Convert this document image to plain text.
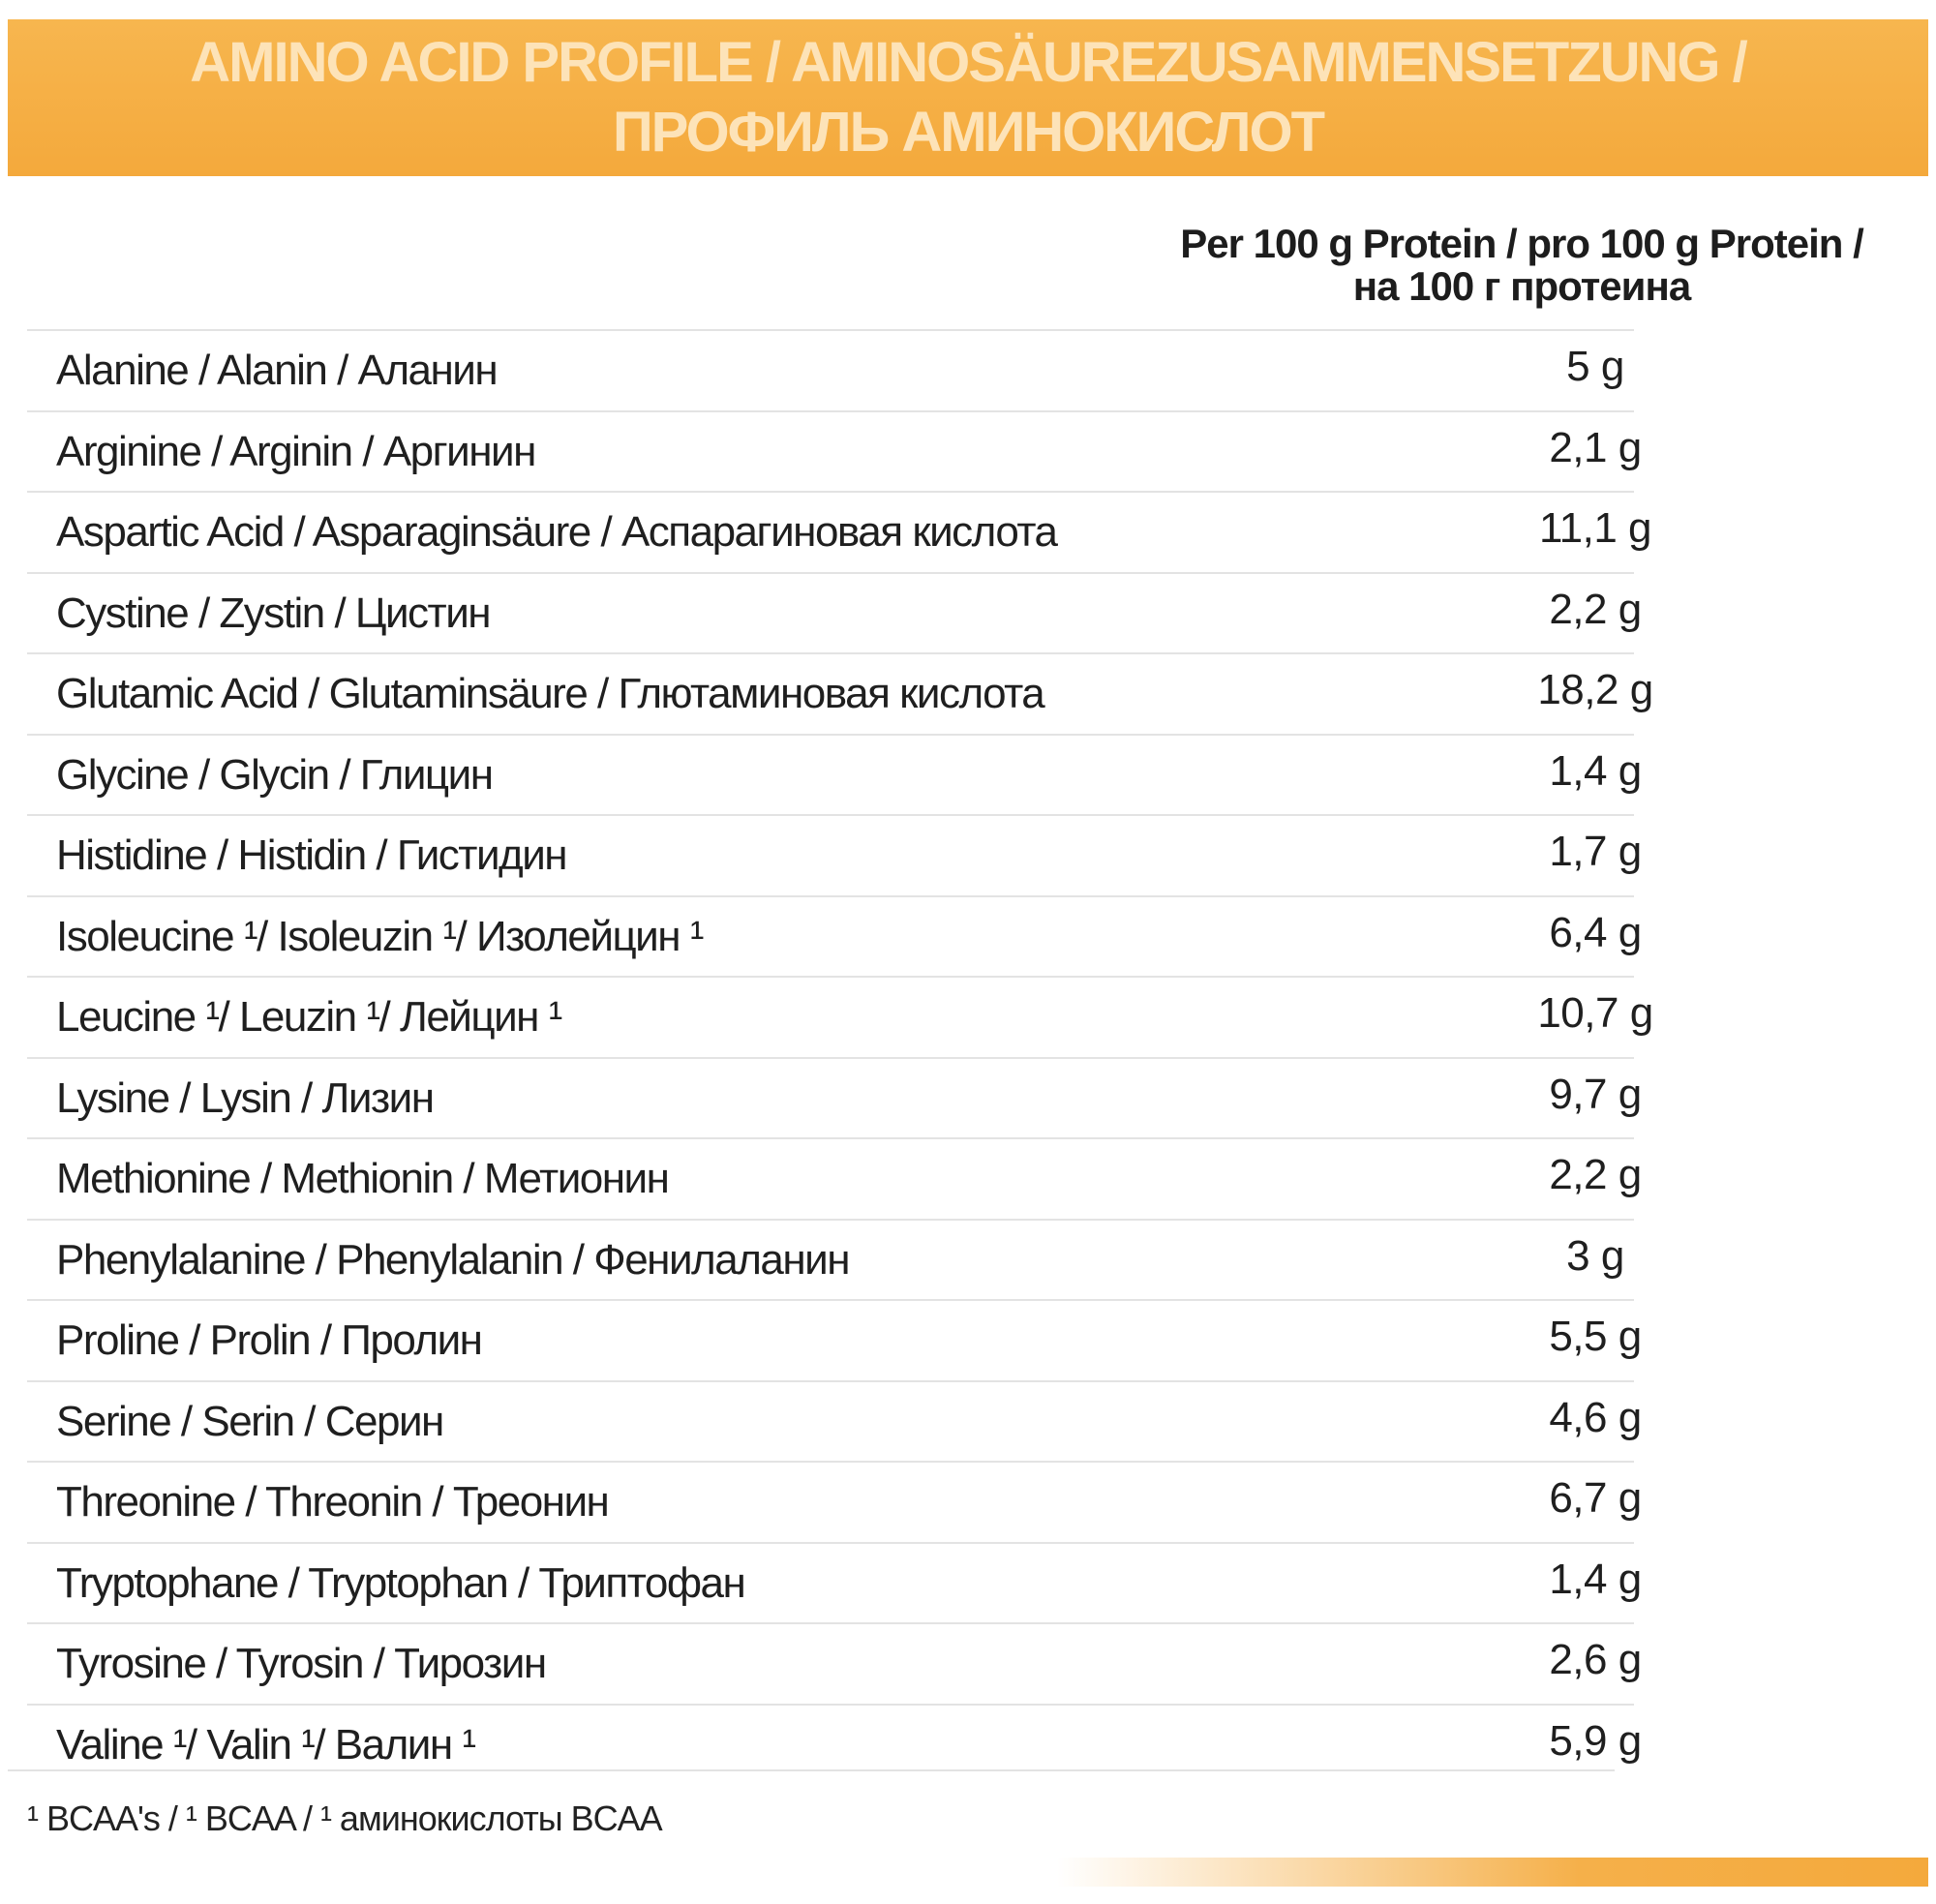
AMINO ACID PROFILE / AMINOSÄUREZUSAMMENSETZUNG /
ПРОФИЛЬ АМИНОКИСЛОТ
Per 100 g Protein / pro 100 g Protein /
на 100 г протеина
Alanine / Alanin / Аланин	5 g
Arginine / Arginin / Аргинин	2,1 g
Aspartic Acid / Asparaginsäure / Аспарагиновая кислота	11,1 g
Cystine / Zystin / Цистин	2,2 g
Glutamic Acid / Glutaminsäure / Глютаминовая кислота	18,2 g
Glycine / Glycin / Глицин	1,4 g
Histidine / Histidin / Гистидин	1,7 g
Isoleucine ¹/ Isoleuzin ¹/ Изолейцин ¹	6,4 g
Leucine ¹/ Leuzin ¹/ Лейцин ¹	10,7 g
Lysine / Lysin / Лизин	9,7 g
Methionine / Methionin / Метионин	2,2 g
Phenylalanine / Phenylalanin / Фенилаланин	3 g
Proline / Prolin / Пролин	5,5 g
Serine / Serin / Серин	4,6 g
Threonine / Threonin / Треонин	6,7 g
Tryptophane / Tryptophan / Триптофан	1,4 g
Tyrosine / Tyrosin / Тирозин	2,6 g
Valine ¹/ Valin ¹/ Валин ¹	5,9 g
¹ BCAA's / ¹ BCAA / ¹ аминокислоты BCAA
